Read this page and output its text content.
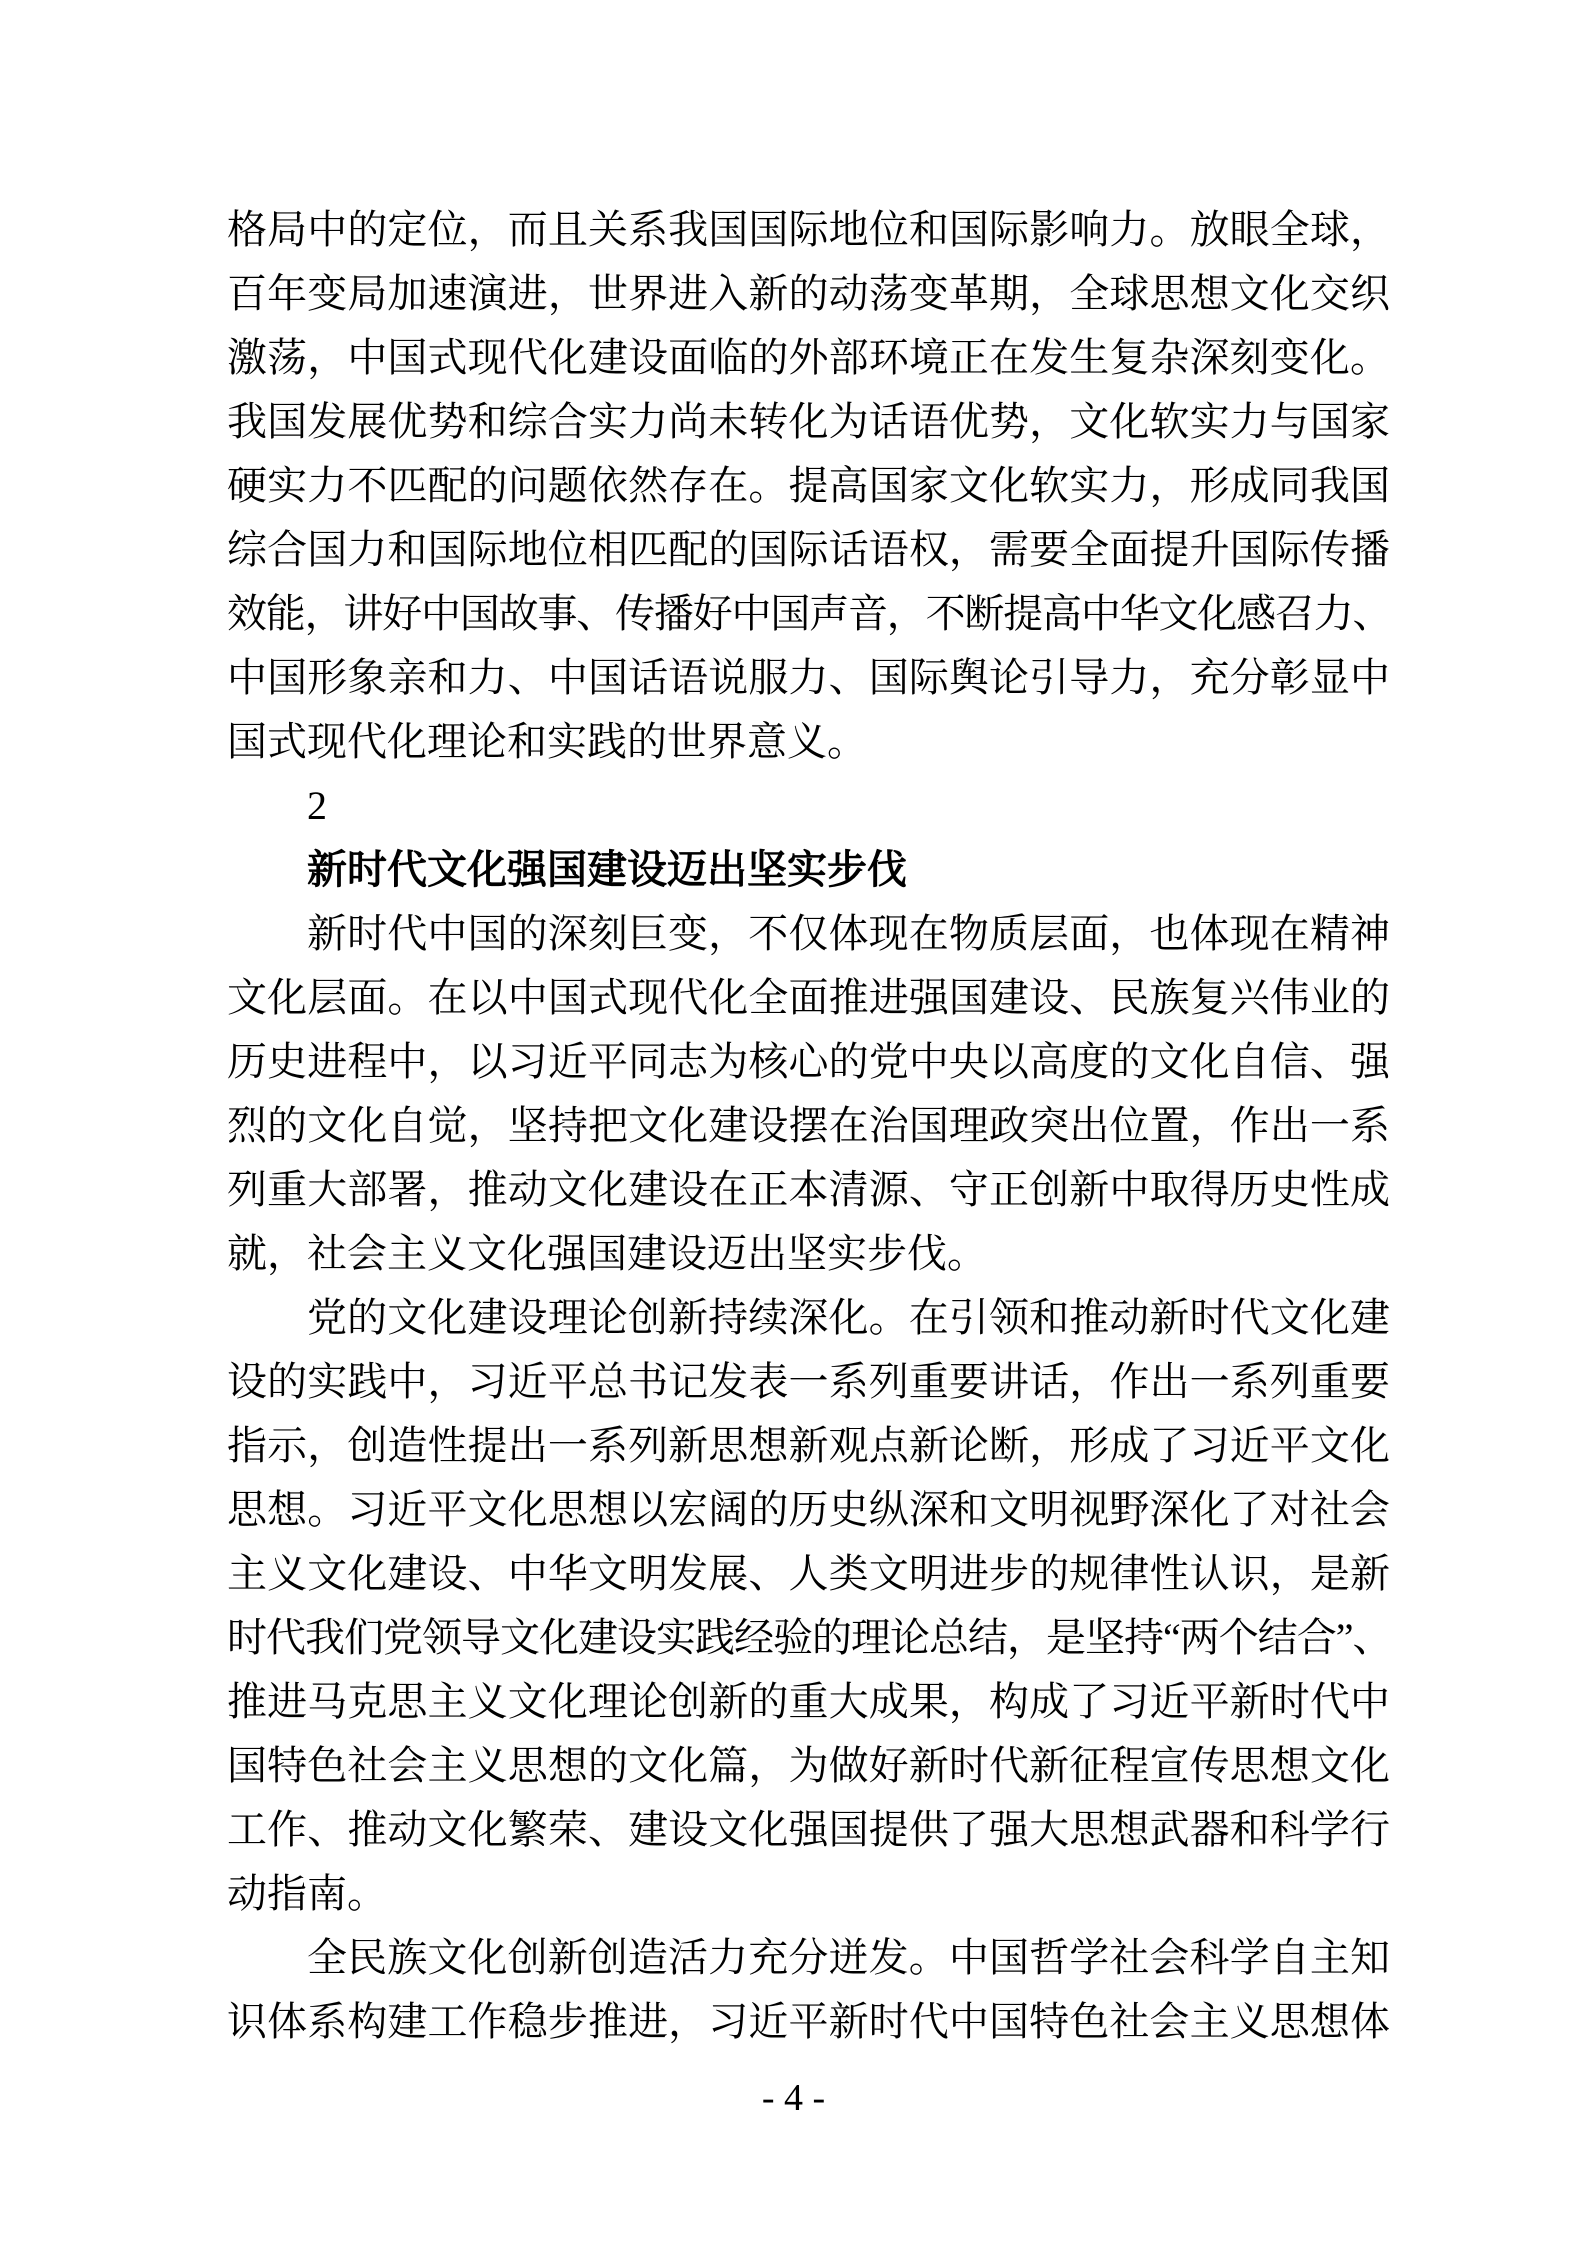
格局中的定位，而且关系我国国际地位和国际影响力。放眼全球，
百年变局加速演进，世界进入新的动荡变革期，全球思想文化交织
激荡，中国式现代化建设面临的外部环境正在发生复杂深刻变化。
我国发展优势和综合实力尚未转化为话语优势，文化软实力与国家
硬实力不匹配的问题依然存在。提高国家文化软实力，形成同我国
综合国力和国际地位相匹配的国际话语权，需要全面提升国际传播
效能，讲好中国故事、传播好中国声音，不断提高中华文化感召力、
中国形象亲和力、中国话语说服力、国际舆论引导力，充分彰显中
国式现代化理论和实践的世界意义。
2
新时代文化强国建设迈出坚实步伐
新时代中国的深刻巨变，不仅体现在物质层面，也体现在精神
文化层面。在以中国式现代化全面推进强国建设、民族复兴伟业的
历史进程中，以习近平同志为核心的党中央以高度的文化自信、强
烈的文化自觉，坚持把文化建设摆在治国理政突出位置，作出一系
列重大部署，推动文化建设在正本清源、守正创新中取得历史性成
就，社会主义文化强国建设迈出坚实步伐。
党的文化建设理论创新持续深化。在引领和推动新时代文化建
设的实践中，习近平总书记发表一系列重要讲话，作出一系列重要
指示，创造性提出一系列新思想新观点新论断，形成了习近平文化
思想。习近平文化思想以宏阔的历史纵深和文明视野深化了对社会
主义文化建设、中华文明发展、人类文明进步的规律性认识，是新
时代我们党领导文化建设实践经验的理论总结，是坚持“两个结合”、
推进马克思主义文化理论创新的重大成果，构成了习近平新时代中
国特色社会主义思想的文化篇，为做好新时代新征程宣传思想文化
工作、推动文化繁荣、建设文化强国提供了强大思想武器和科学行
动指南。
全民族文化创新创造活力充分迸发。中国哲学社会科学自主知
识体系构建工作稳步推进，习近平新时代中国特色社会主义思想体
- 4 -
